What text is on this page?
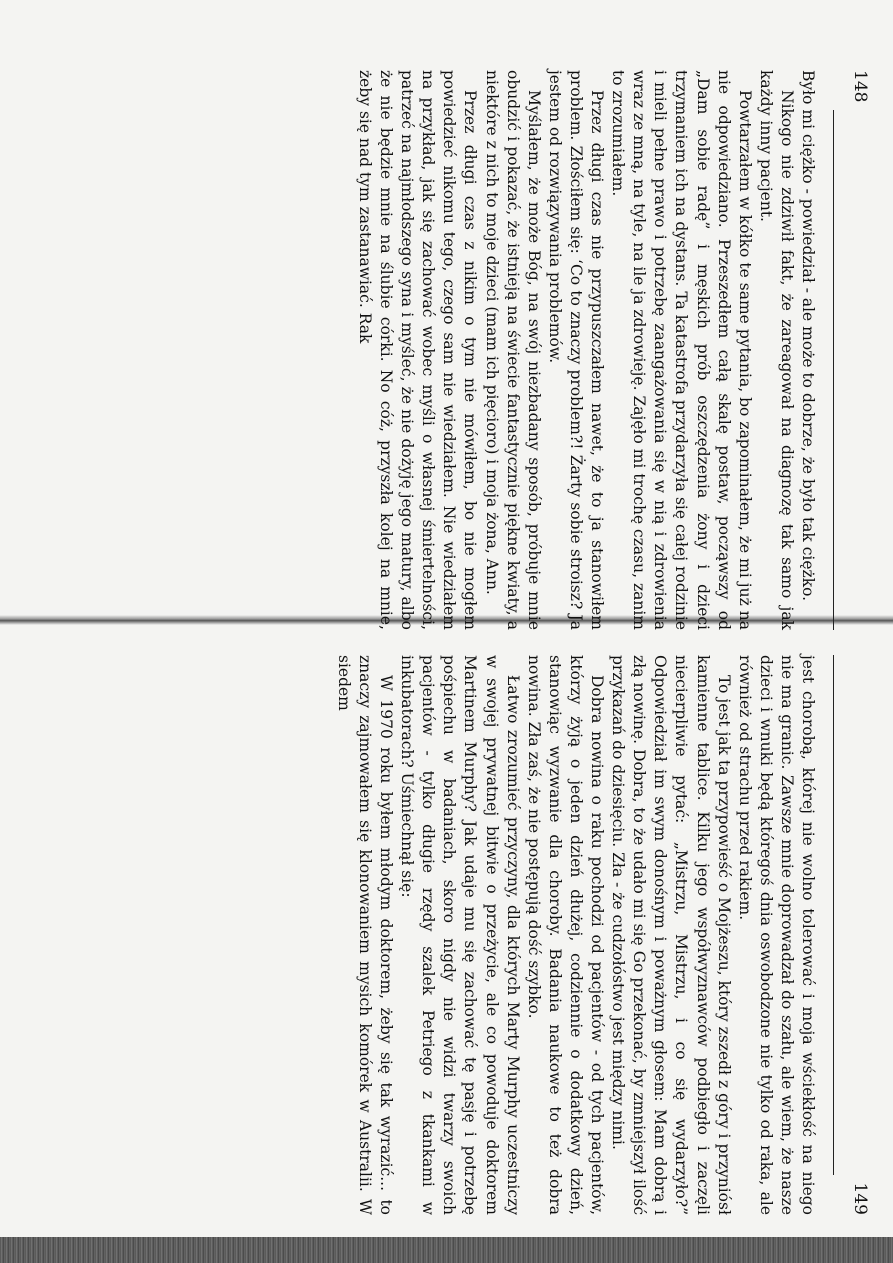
148

Było mi ciężko - powiedział - ale może to dobrze, że było tak ciężko.

Nikogo nie zdziwił fakt, że zareagował na diagnozę tak samo jak każdy inny pacjent.

Powtarzałem w kółko te same pytania, bo zapominałem, że mi już na nie odpowiedziano. Przeszedłem całą skalę postaw, począwszy od „Dam sobie radę” i męskich prób oszczędzenia żony i dzieci trzymaniem ich na dystans. Ta katastrofa przydarzyła się całej rodzinie i mieli pełne prawo i potrzebę zaangażowania się w nią i zdrowienia wraz ze mną, na tyle, na ile ja zdrowieję. Zajęło mi trochę czasu, zanim to zrozumiałem.

Przez długi czas nie przypuszczałem nawet, że to ja stanowiłem problem. Złościłem się: ‘Co to znaczy problem?! Żarty sobie stroisz? Ja jestem od rozwiązywania problemów.

Myślałem, że może Bóg, na swój niezbadany sposób, próbuje mnie obudzić i pokazać, że istnieją na świecie fantastycznie piękne kwiaty, a niektóre z nich to moje dzieci (mam ich pięcioro) i moja żona, Ann.

Przez długi czas z nikim o tym nie mówiłem, bo nie mogłem powiedzieć nikomu tego, czego sam nie wiedziałem. Nie wiedziałem na przykład, jak się zachować wobec myśli o własnej śmiertelności, patrzeć na najmłodszego syna i myśleć, że nie dożyję jego matury, albo że nie będzie mnie na ślubie córki. No cóż, przyszła kolej na mnie, żeby się nad tym zastanawiać. Rak

149

jest chorobą, której nie wolno tolerować i moja wściekłość na niego nie ma granic. Zawsze mnie doprowadzał do szału, ale wiem, że nasze dzieci i wnuki będą któregoś dnia oswobodzone nie tylko od raka, ale również od strachu przed rakiem.

To jest jak ta przypowieść o Mojżeszu, który zszedł z góry i przyniósł kamienne tablice. Kilku jego współwyznawców podbiegło i zaczęli niecierpliwie pytać: „Mistrzu, Mistrzu, i co się wydarzyło?” Odpowiedział im swym donośnym i poważnym głosem: Mam dobrą i złą nowinę. Dobra, to że udało mi się Go przekonać, by zmniejszył ilość przykazań do dziesięciu. Zła - że cudzołóstwo jest między nimi.

Dobra nowina o raku pochodzi od pacjentów - od tych pacjentów, którzy żyją o jeden dzień dłużej, codziennie o dodatkowy dzień, stanowiąc wyzwanie dla choroby. Badania naukowe to też dobra nowina. Zła zaś, że nie postępują dość szybko.

Łatwo zrozumieć przyczyny, dla których Marty Murphy uczestniczy w swojej prywatnej bitwie o przeżycie, ale co powoduje doktorem Martinem Murphy? Jak udaje mu się zachować tę pasję i potrzebę pośpiechu w badaniach, skoro nigdy nie widzi twarzy swoich pacjentów - tylko długie rzędy szalek Petriego z tkankami w inkubatorach? Uśmiechnął się:

W 1970 roku byłem młodym doktorem, żeby się tak wyrazić... to znaczy zajmowałem się klonowaniem mysich komórek w Australii. W siedem
